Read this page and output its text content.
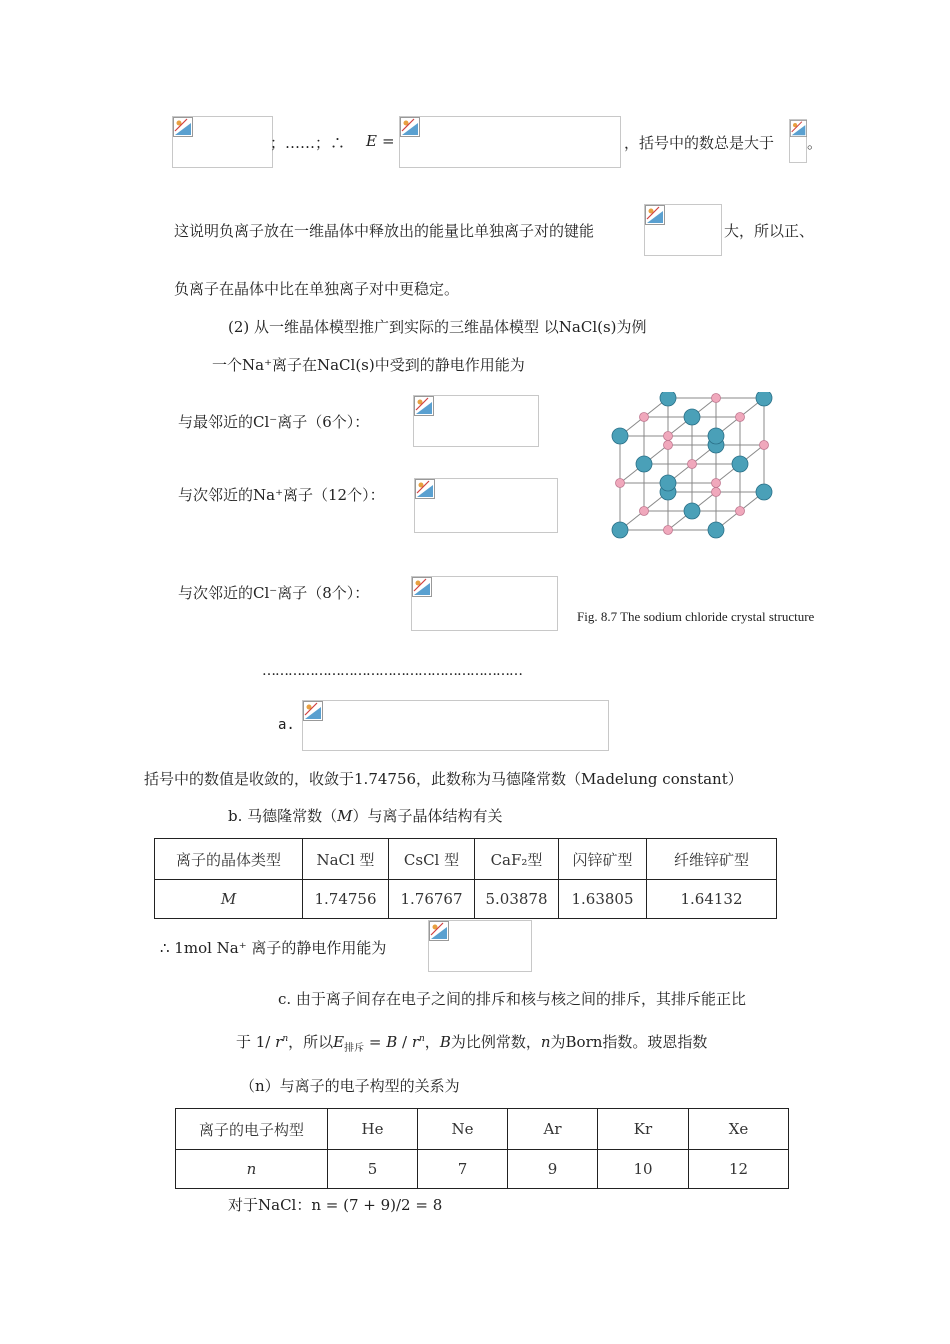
；……；∴ E =	，括号中的数总是大于 。
这说明负离子放在一维晶体中释放出的能量比单独离子对的键能	大，所以正、
负离子在晶体中比在单独离子对中更稳定。
(2) 从一维晶体模型推广到实际的三维晶体模型 以NaCl(s)为例
一个Na⁺离子在NaCl(s)中受到的静电作用能为
与最邻近的Cl⁻离子（6个）：
与次邻近的Na⁺离子（12个）：
与次邻近的Cl⁻离子（8个）：
Fig. 8.7 The sodium chloride crystal structure
……………………………………………………
a.
括号中的数值是收敛的，收敛于1.74756，此数称为马德隆常数（Madelung constant）
b. 马德隆常数（M）与离子晶体结构有关
离子的晶体类型	NaCl 型	CsCl 型	CaF₂型	闪锌矿型	纤维锌矿型
M	1.74756	1.76767	5.03878	1.63805	1.64132
∴ 1mol Na⁺ 离子的静电作用能为
c. 由于离子间存在电子之间的排斥和核与核之间的排斥，其排斥能正比
于 1/ $r^n$，所以$E_{排斥} = B / r^n$，B为比例常数，n为Born指数。玻恩指数
（n）与离子的电子构型的关系为
离子的电子构型	He	Ne	Ar	Kr	Xe
n	5	7	9	10	12
对于NaCl：n = (7 + 9)/2 = 8
